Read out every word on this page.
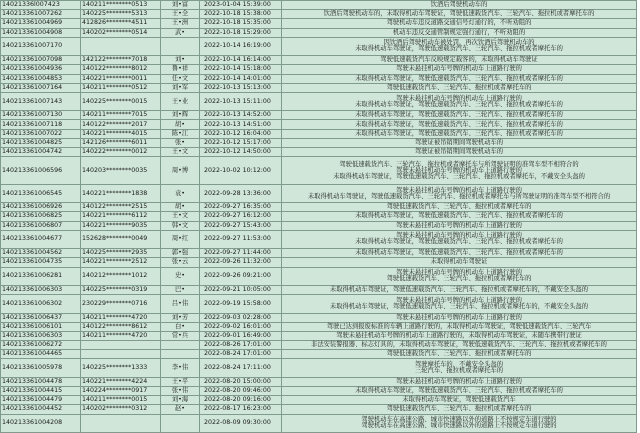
14021336l007423	140211********0513	刘•富	2023-01-04 15:39:00	饮酒后驾驶机动车的
140213361007262	140225********5313	王•全	2022-10-18 15:38:00	饮酒后驾驶机动车的，未取得机动车驾驶证，驾驶低速载货汽车、三轮汽车、拖拉机或者摩托车的
140213361004969	412826********4511	王•洲	2022-10-18 15:35:00	驾驶机动车违反道路交通信号灯通行的，不听劝阻的
140213361004908	140202********0514	武•	2022-10-18 15:29:00	机动车违反交通管制规定强行通行，不听劝阻的
140213361007170			2022-10-14 16:19:00	因饮酒后驾驶机动车被处罚，再次饮酒后驾驶机动车的
未取得机动车驾驶证，驾驶低速载货汽车、三轮汽车、拖拉机或者摩托车的
140213361007098	142122********7018	刘•	2022-10-14 16:14:00	驾驶低速载货汽车反映规定载客的，未取得机动车驾驶证
140213361004936	140122********8012	鲁•祥	2022-10-14 15:18:00	驾驶未悬挂机动车号牌的机动车上道路行驶的
140213361004853	140221********0011	任•文	2022-10-14 14:01:00	未取得机动车驾驶证，驾驶低速载货汽车、三轮汽车、拖拉机或者摩托车的
140213361007164	140211********0512	刘•军	2022-10-13 15:13:00	驾驶低速载货汽车、三轮汽车、拖拉机或者摩托车的
140213361007143	140225********0015	王•业	2022-10-13 15:11:00	驾驶未悬挂机动车号牌的机动车上道路行驶的
未取得机动车驾驶证，驾驶低速载货汽车、三轮汽车、拖拉机或者摩托车的
140213361007130	140211********7015	刘•辉	2022-10-13 14:52:00	未取得机动车驾驶证，驾驶低速载货汽车、三轮汽车、拖拉机或者摩托车的
140213361007118	140122********2017	胡•	2022-10-13 14:51:00	未取得机动车驾驶证，驾驶低速载货汽车、三轮汽车、拖拉机或者摩托车的
140213361007022	140221********4015	陈•江	2022-10-12 16:04:00	未取得机动车驾驶证，驾驶低速载货汽车、三轮汽车、拖拉机或者摩托车的
140213361004825	142126********6011	张•	2022-10-12 15:17:00	驾驶证被吊销期间驾驶机动车的
140213361004742	140222********0012	王•文	2022-10-12 14:50:00	驾驶证被吊销期间驾驶机动车的
140213361006596	140203********0035	周•博	2022-10-02 10:12:00	驾驶低速载货汽车、三轮汽车、拖拉机或者摩托车与所驾驶证明的准驾车型不相符合的
驾驶未悬挂机动车号牌的机动车上道路行驶的
未取得机动车驾驶证，驾驶低速载货汽车、三轮汽车、拖拉机或者摩托车，不戴安全头盔的
140213361006545	140221********1838	袁•	2022-09-28 13:36:00	驾驶未悬挂机动车号牌的机动车上道路行驶的
未取得机动车驾驶证，驾驶低速载货汽车、三轮汽车、拖拉机或者摩托车与所驾驶证明的准驾车型不相符合的
140213361006926	140122********2515	胡•	2022-09-27 16:35:00	驾驶低速载货汽车、三轮汽车、拖拉机或者摩托车的
140213361006825	140221********6112	王•文	2022-09-27 16:12:00	未取得机动车驾驶证，驾驶低速载货汽车、三轮汽车、拖拉机或者摩托车的
140213361006807	140221********9035	韩•文	2022-09-27 15:43:00	驾驶未悬挂机动车号牌的机动车上道路行驶的
140213361004677	152628********0049	周•红	2022-09-27 11:53:00	驾驶未悬挂机动车号牌的机动车上道路行驶的
未取得机动车驾驶证，驾驶低速载货汽车、三轮汽车、拖拉机或者摩托车的
140213361004562	140225********2935	郭•强	2022-09-27 11:44:00	未取得机动车驾驶证，驾驶低速载货汽车、三轮汽车、拖拉机或者摩托车的
140213361004735	140221********2512	张•云	2022-09-26 11:32:00	未取得机动车驾驶证
140213361006281	140212********1012	史•	2022-09-26 09:21:00	驾驶未悬挂机动车号牌的机动车上道路行驶的
驾驶低速载货汽车、三轮汽车、拖拉机或者摩托车的
140213361006303	140225********0319	巴•	2022-09-21 10:05:00	未取得机动车驾驶证，驾驶低速载货汽车、三轮汽车、拖拉机或者摩托车的，不戴安全头盔的
140213361006302	230229********0716	吕•伟	2022-09-19 15:58:00	驾驶未悬挂机动车号牌的机动车上道路行驶的
未取得机动车驾驶证，驾驶低速载货汽车、三轮汽车、拖拉机或者摩托车的，不戴安全头盔的
140213361006437	140211********4720	刘•芳	2022-09-03 02:28:00	驾驶未悬挂机动车号牌的机动车上道路行驶的
140213361006101	140122********8612	白•	2022-09-02 16:01:00	驾驶已达到报废标准的车辆上道路行驶的，未取得机动车驾驶证，驾驶低速载货汽车、三轮汽车
140213361006303	140211********4720	常•兵	2022-09-01 16:49:00	驾驶未悬挂机动车号牌的机动车上道路行驶的，未取得机动车驾驶证，未随车携带行驶证
140213361006272			2022-08-26 17:01:00	非法安装警报器、标志灯具的，未取得机动车驾驶证，驾驶低速载货汽车、三轮汽车、拖拉机或者摩托车的
140213361004465			2022-08-24 17:01:00	驾驶低速载货汽车、三轮汽车、拖拉机或者摩托车的
140213361005978	140225********1333	李•伟	2022-08-24 17:11:00	驾驶摩托车的，不戴安全头盔的
三轮汽车、拖拉机或者摩托车的
140213361004478	140221********4224	王•平	2022-08-20 15:00:00	驾驶未悬挂机动车号牌的机动车上道路行驶的
140213361004415	140224********0917	张•伟	2022-08-20 09:46:00	未取得机动车驾驶证，驾驶低速载货汽车、三轮汽车、拖拉机或者摩托车的
140213361004479	140211********0015	刘•海	2022-08-20 09:16:00	未取得机动车驾驶证，驾驶低速载货汽车
140213361004452	140202********0312	赵•	2022-08-17 16:23:00	驾驶低速载货汽车、三轮汽车、拖拉机或者摩托车的
140213361004208			2022-08-09 09:30:00	驾驶机动车在高速公路、城市快速路以外的道路上不按规定车道行驶的
驾驶机动车在高速公路、城市快速路以外的道路上不按规定车道行驶的
